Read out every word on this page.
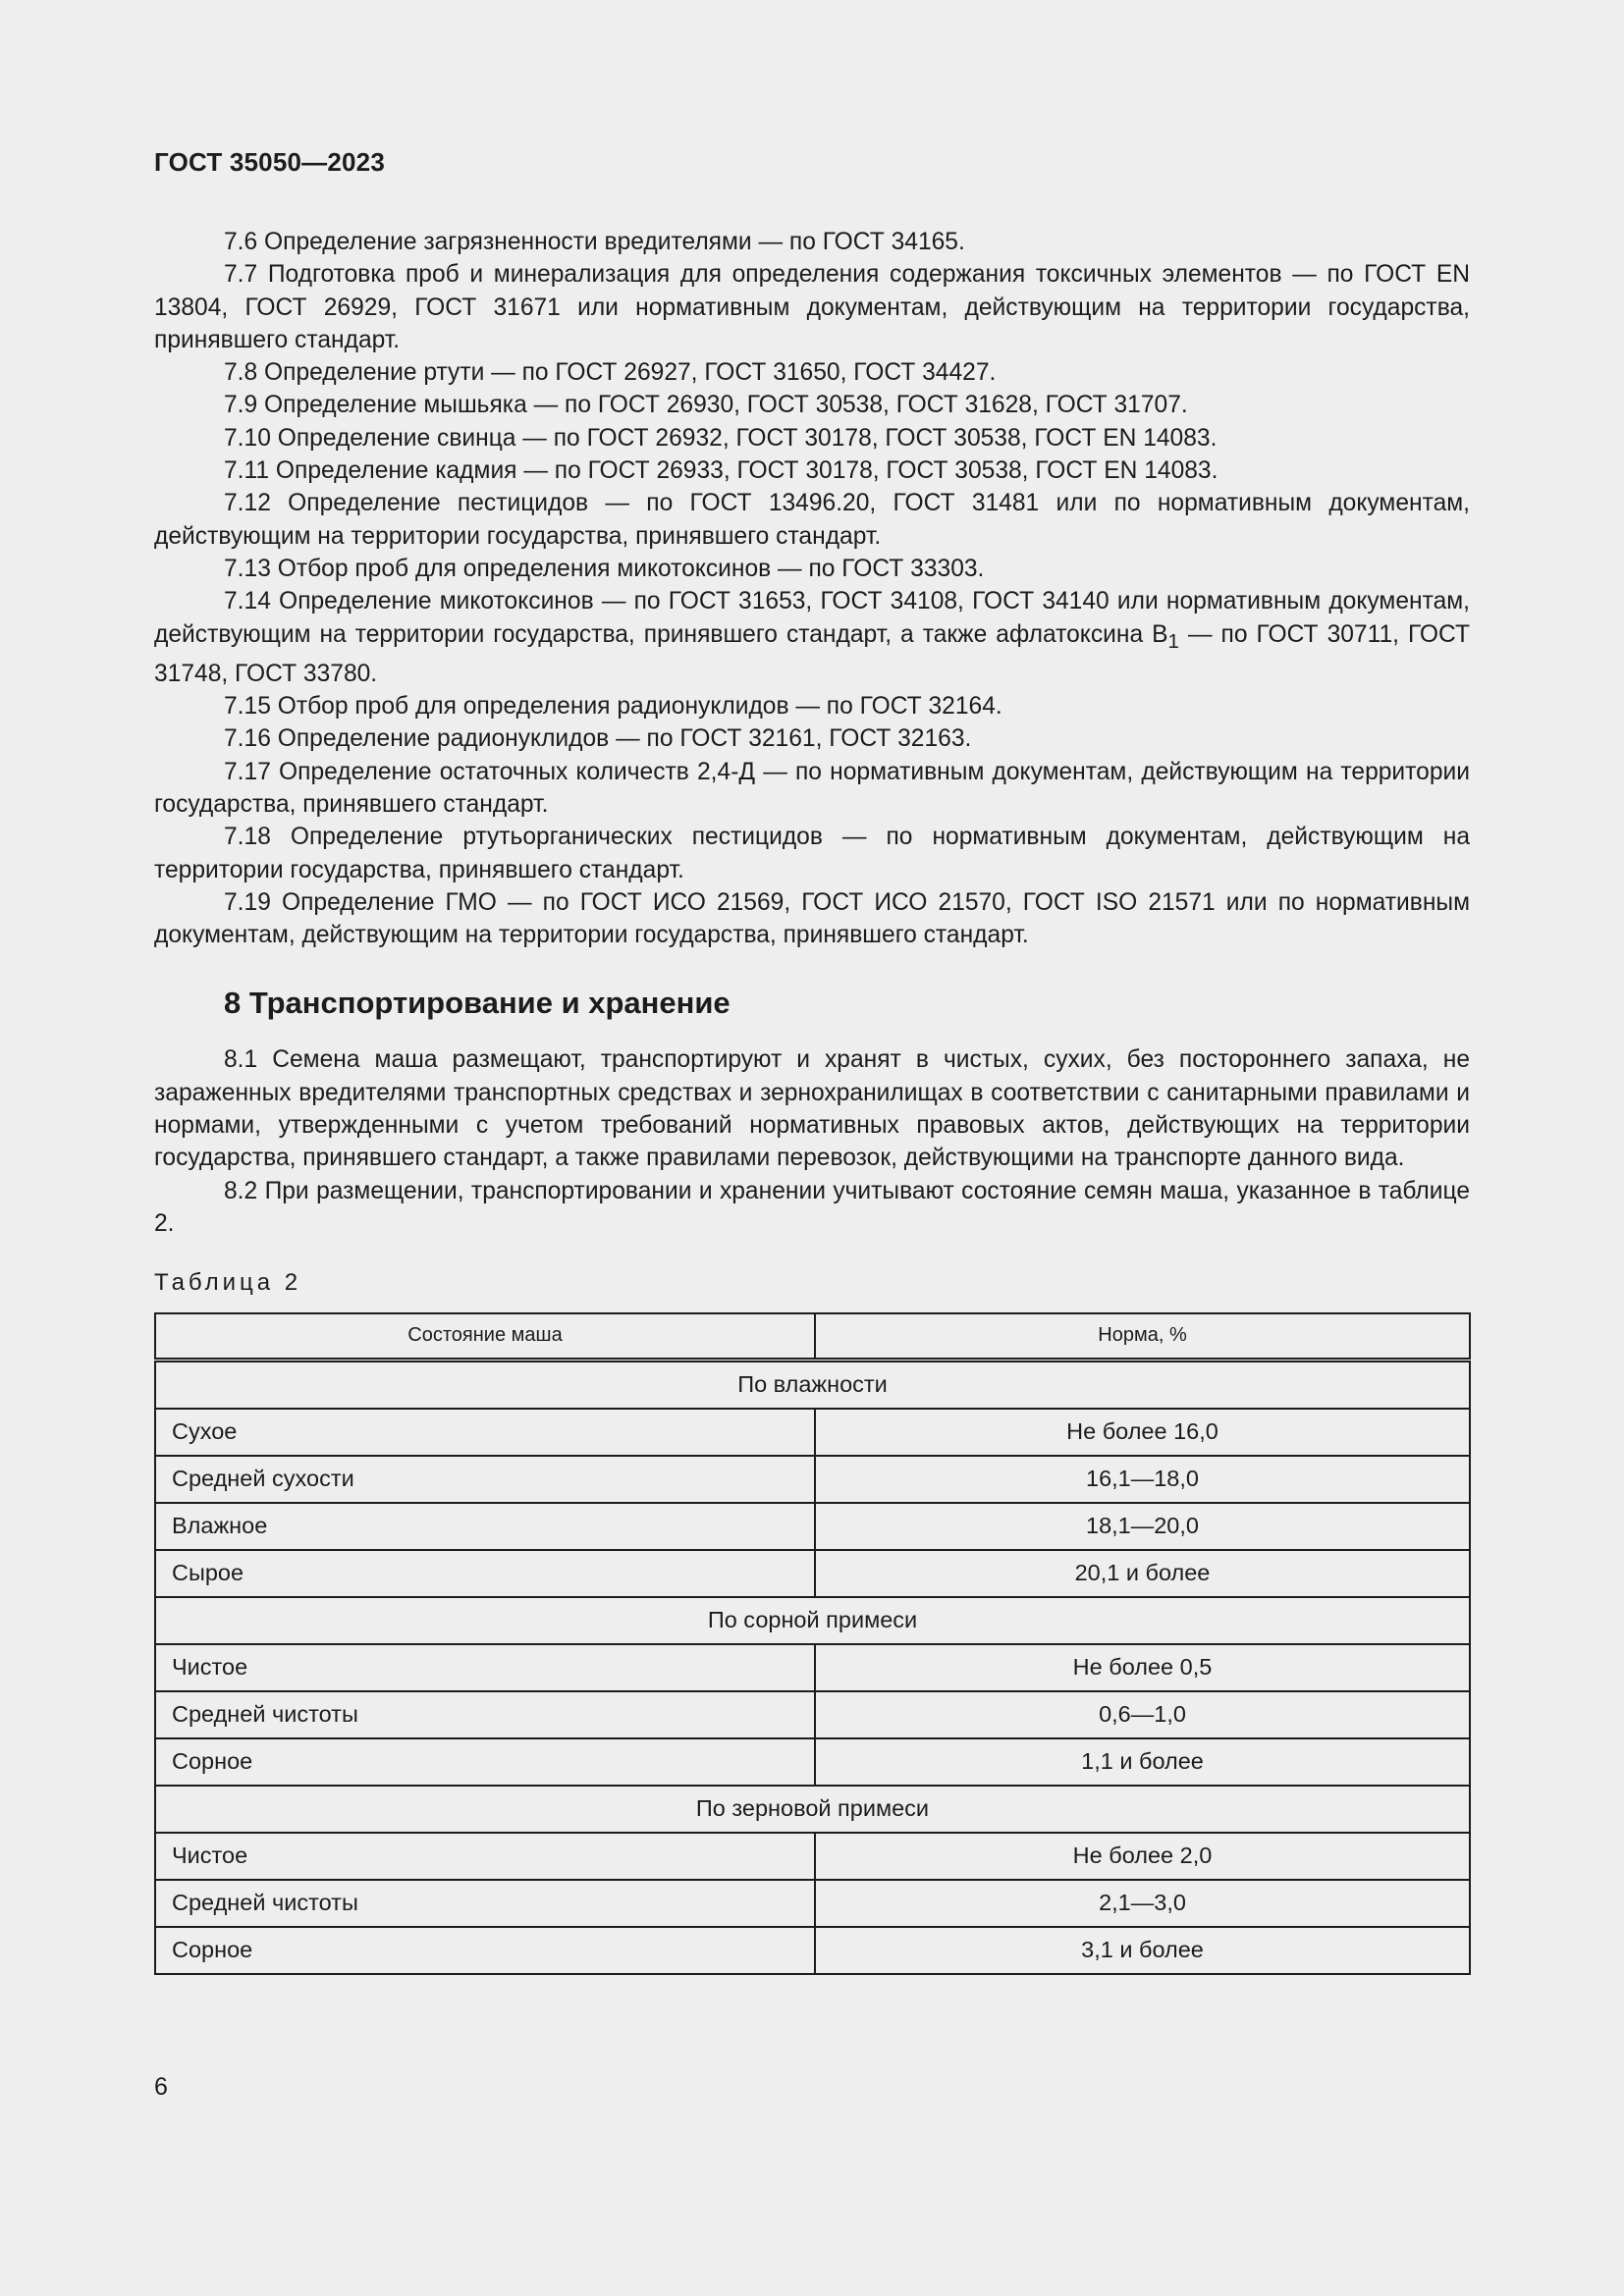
ГОСТ 35050—2023

7.6 Определение загрязненности вредителями — по ГОСТ 34165.

7.7 Подготовка проб и минерализация для определения содержания токсичных элементов — по ГОСТ EN 13804, ГОСТ 26929, ГОСТ 31671 или нормативным документам, действующим на территории государства, принявшего стандарт.

7.8 Определение ртути — по ГОСТ 26927, ГОСТ 31650, ГОСТ 34427.

7.9 Определение мышьяка — по ГОСТ 26930, ГОСТ 30538, ГОСТ 31628, ГОСТ 31707.

7.10 Определение свинца — по ГОСТ 26932, ГОСТ 30178, ГОСТ 30538, ГОСТ EN 14083.

7.11 Определение кадмия — по ГОСТ 26933, ГОСТ 30178, ГОСТ 30538, ГОСТ EN 14083.

7.12 Определение пестицидов — по ГОСТ 13496.20, ГОСТ 31481 или по нормативным документам, действующим на территории государства, принявшего стандарт.

7.13 Отбор проб для определения микотоксинов — по ГОСТ 33303.

7.14 Определение микотоксинов — по ГОСТ 31653, ГОСТ 34108, ГОСТ 34140 или нормативным документам, действующим на территории государства, принявшего стандарт, а также афлатоксина $В_1$ — по ГОСТ 30711, ГОСТ 31748, ГОСТ 33780.

7.15 Отбор проб для определения радионуклидов — по ГОСТ 32164.

7.16 Определение радионуклидов — по ГОСТ 32161, ГОСТ 32163.

7.17 Определение остаточных количеств 2,4-Д — по нормативным документам, действующим на территории государства, принявшего стандарт.

7.18 Определение ртутьорганических пестицидов — по нормативным документам, действующим на территории государства, принявшего стандарт.

7.19 Определение ГМО — по ГОСТ ИСО 21569, ГОСТ ИСО 21570, ГОСТ ISO 21571 или по нормативным документам, действующим на территории государства, принявшего стандарт.

8 Транспортирование и хранение

8.1 Семена маша размещают, транспортируют и хранят в чистых, сухих, без постороннего запаха, не зараженных вредителями транспортных средствах и зернохранилищах в соответствии с санитарными правилами и нормами, утвержденными с учетом требований нормативных правовых актов, действующих на территории государства, принявшего стандарт, а также правилами перевозок, действующими на транспорте данного вида.

8.2 При размещении, транспортировании и хранении учитывают состояние семян маша, указанное в таблице 2.

Таблица 2
Состояние маша	Норма, %
По влажности	
Сухое	Не более 16,0
Средней сухости	16,1—18,0
Влажное	18,1—20,0
Сырое	20,1 и более
По сорной примеси	
Чистое	Не более 0,5
Средней чистоты	0,6—1,0
Сорное	1,1 и более
По зерновой примеси	
Чистое	Не более 2,0
Средней чистоты	2,1—3,0
Сорное	3,1 и более
6
